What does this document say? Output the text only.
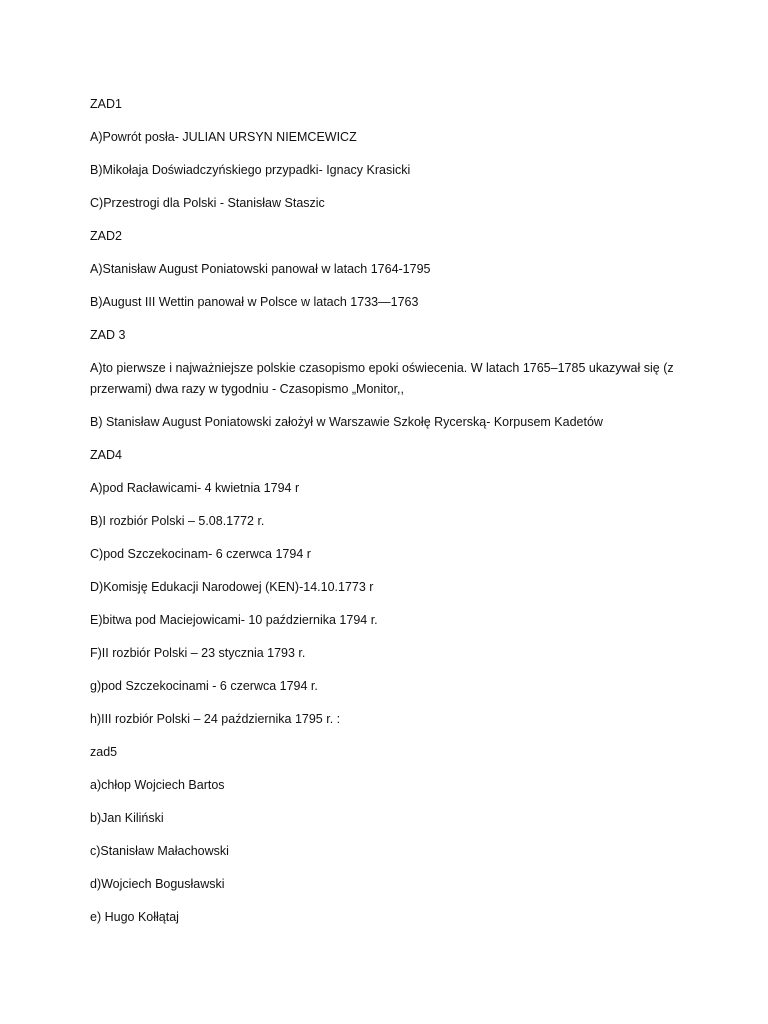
ZAD1

A)Powrót posła- JULIAN URSYN NIEMCEWICZ

B)Mikołaja Doświadczyńskiego przypadki- Ignacy Krasicki

C)Przestrogi dla Polski - Stanisław Staszic

ZAD2

A)Stanisław August Poniatowski panował w latach 1764-1795

B)August III Wettin panował w Polsce w latach 1733—1763

ZAD 3

A)to pierwsze i najważniejsze polskie czasopismo epoki oświecenia. W latach 1765–1785 ukazywał się (z przerwami) dwa razy w tygodniu - Czasopismo „Monitor,,

B) Stanisław August Poniatowski założył w Warszawie Szkołę Rycerską- Korpusem Kadetów

ZAD4

A)pod Racławicami- 4 kwietnia 1794 r

B)I rozbiór Polski – 5.08.1772 r.

C)pod Szczekocinam- 6 czerwca 1794 r

D)Komisję Edukacji Narodowej (KEN)-14.10.1773 r

E)bitwa pod Maciejowicami- 10 października 1794 r.

F)II rozbiór Polski – 23 stycznia 1793 r.

g)pod Szczekocinami - 6 czerwca 1794 r.

h)III rozbiór Polski – 24 października 1795 r. :

zad5

a)chłop Wojciech Bartos

b)Jan Kiliński

c)Stanisław Małachowski

d)Wojciech Bogusławski

e) Hugo Kołłątaj
